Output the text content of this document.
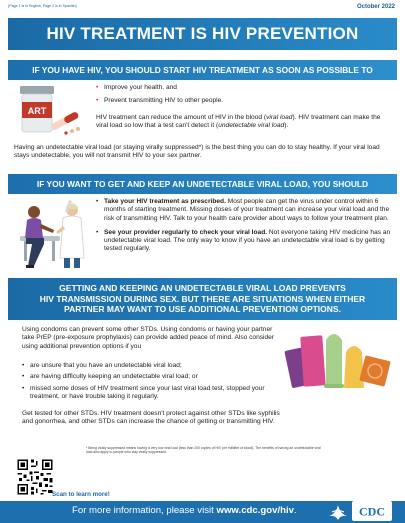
(Page 1 is in English, Page 2 is in Spanish)	October 2022
HIV TREATMENT IS HIV PREVENTION
IF YOU HAVE HIV, YOU SHOULD START HIV TREATMENT AS SOON AS POSSIBLE TO
ART
• Improve your health, and
• Prevent transmitting HIV to other people.

HIV treatment can reduce the amount of HIV in the blood (viral load). HIV treatment can make the viral load so low that a test can't detect it (undetectable viral load).

Having an undetectable viral load (or staying virally suppressed*) is the best thing you can do to stay healthy. If your viral load stays undetectable, you will not transmit HIV to your sex partner.

IF YOU WANT TO GET AND KEEP AN UNDETECTABLE VIRAL LOAD, YOU SHOULD
• Take your HIV treatment as prescribed. Most people can get the virus under control within 6 months of starting treatment. Missing doses of your treatment can increase your viral load and the risk of transmitting HIV. Talk to your health care provider about ways to follow your treatment plan.
• See your provider regularly to check your viral load. Not everyone taking HIV medicine has an undetectable viral load. The only way to know if you have an undetectable viral load is by getting tested regularly.
GETTING AND KEEPING AN UNDETECTABLE VIRAL LOAD PREVENTS
HIV TRANSMISSION DURING SEX. BUT THERE ARE SITUATIONS WHEN EITHER
PARTNER MAY WANT TO USE ADDITIONAL PREVENTION OPTIONS.

Using condoms can prevent some other STDs. Using condoms or having your partner take PrEP (pre-exposure prophylaxis) can provide added peace of mind. Also consider using additional prevention options if you

• are unsure that you have an undetectable viral load;
• are having difficulty keeping an undetectable viral load; or
• missed some doses of HIV treatment since your last viral load test, stopped your treatment, or have trouble taking it regularly.

Get tested for other STDs. HIV treatment doesn't protect against other STDs like syphilis and gonorrhea, and other STDs can increase the chance of getting or transmitting HIV.

* Being virally suppressed means having a very low viral load (less than 200 copies of HIV per milliliter of blood). The benefits of having an undetectable viral load also apply to people who stay virally suppressed.

Scan to learn more!
For more information, please visit www.cdc.gov/hiv.	CDC
